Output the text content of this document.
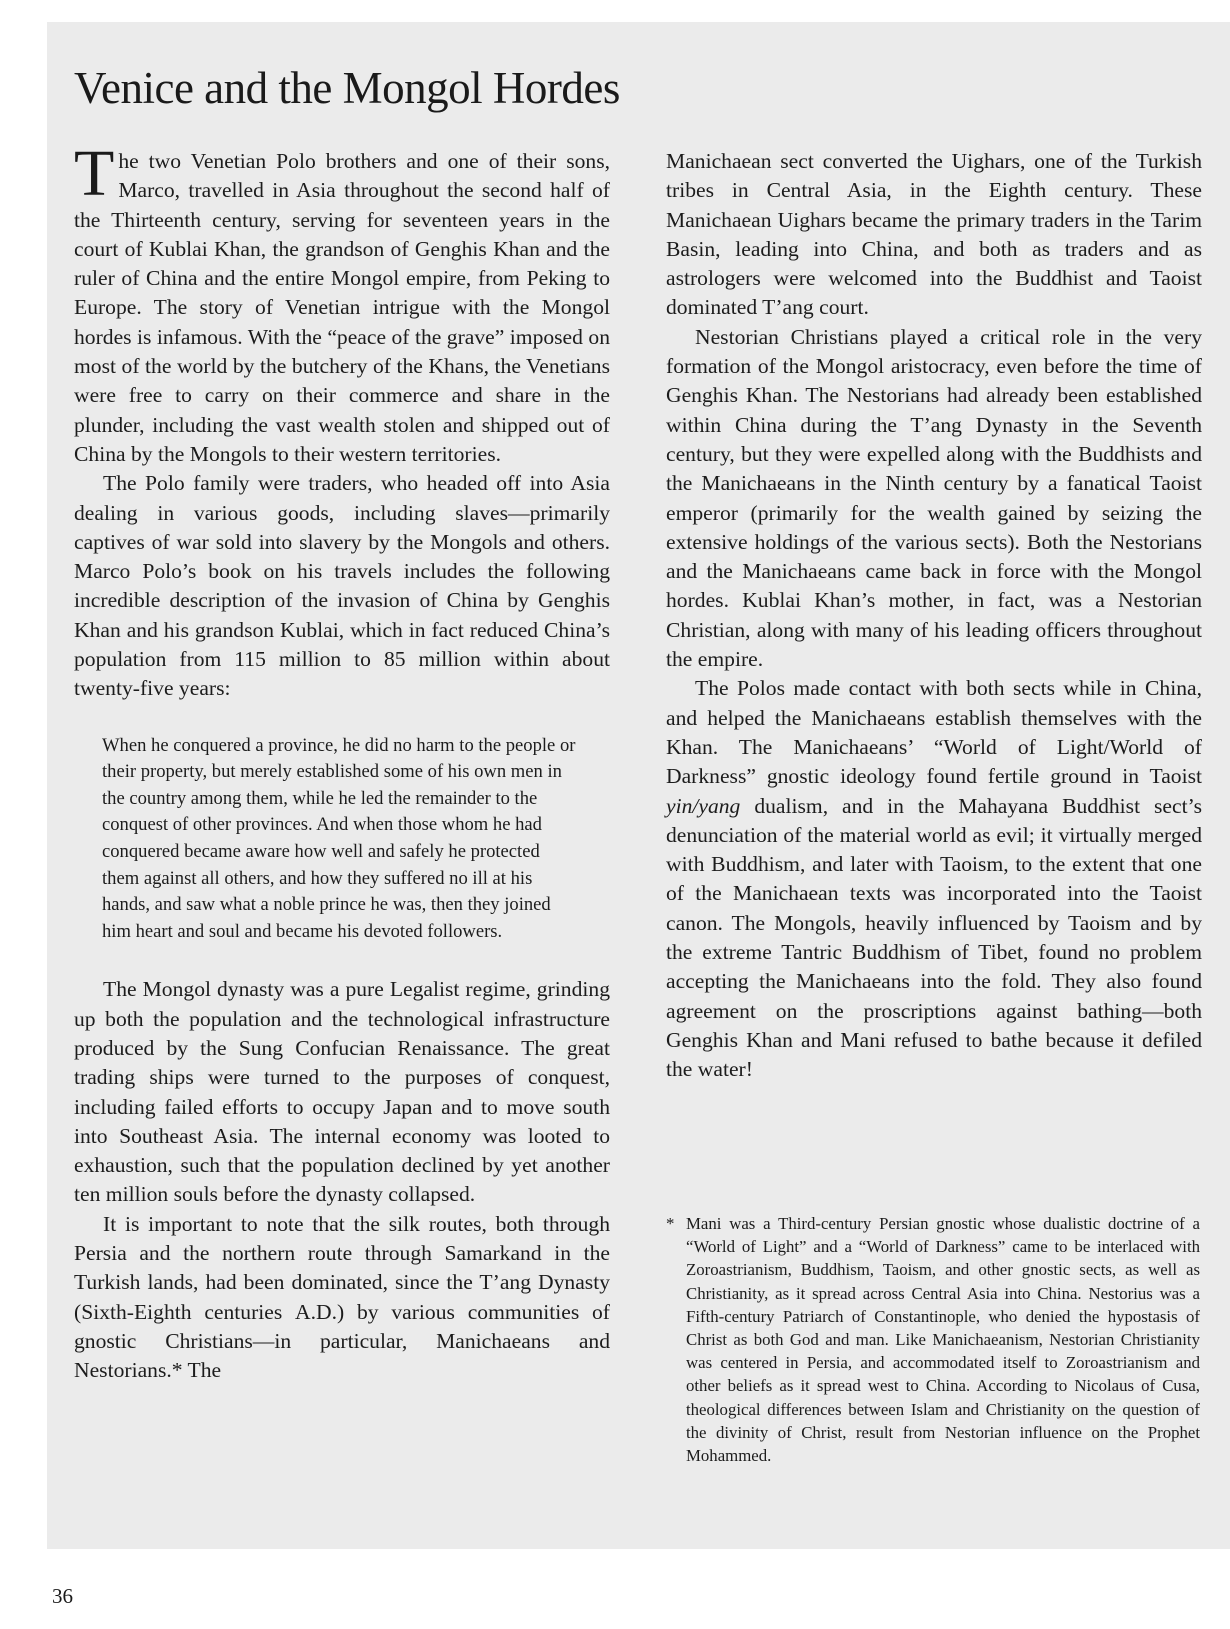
Venice and the Mongol Hordes

The two Venetian Polo brothers and one of their sons, Marco, travelled in Asia throughout the second half of the Thirteenth century, serving for seventeen years in the court of Kublai Khan, the grandson of Genghis Khan and the ruler of China and the entire Mongol empire, from Peking to Europe. The story of Venetian intrigue with the Mongol hordes is infamous. With the “peace of the grave” imposed on most of the world by the butchery of the Khans, the Venetians were free to carry on their commerce and share in the plunder, including the vast wealth stolen and shipped out of China by the Mongols to their western territories.

The Polo family were traders, who headed off into Asia dealing in various goods, including slaves—primarily captives of war sold into slavery by the Mongols and others. Marco Polo’s book on his travels includes the following incredible description of the invasion of China by Genghis Khan and his grandson Kublai, which in fact reduced China’s population from 115 million to 85 million within about twenty-five years:

When he conquered a province, he did no harm to the people or their property, but merely established some of his own men in the country among them, while he led the remainder to the conquest of other provinces. And when those whom he had conquered became aware how well and safely he protected them against all others, and how they suffered no ill at his hands, and saw what a noble prince he was, then they joined him heart and soul and became his devoted followers.

The Mongol dynasty was a pure Legalist regime, grinding up both the population and the technological infrastructure produced by the Sung Confucian Renaissance. The great trading ships were turned to the purposes of conquest, including failed efforts to occupy Japan and to move south into Southeast Asia. The internal economy was looted to exhaustion, such that the population declined by yet another ten million souls before the dynasty collapsed.

It is important to note that the silk routes, both through Persia and the northern route through Samarkand in the Turkish lands, had been dominated, since the T’ang Dynasty (Sixth-Eighth centuries A.D.) by various communities of gnostic Christians—in particular, Manichaeans and Nestorians.* The

Manichaean sect converted the Uighars, one of the Turkish tribes in Central Asia, in the Eighth century. These Manichaean Uighars became the primary traders in the Tarim Basin, leading into China, and both as traders and as astrologers were welcomed into the Buddhist and Taoist dominated T’ang court.

Nestorian Christians played a critical role in the very formation of the Mongol aristocracy, even before the time of Genghis Khan. The Nestorians had already been established within China during the T’ang Dynasty in the Seventh century, but they were expelled along with the Buddhists and the Manichaeans in the Ninth century by a fanatical Taoist emperor (primarily for the wealth gained by seizing the extensive holdings of the various sects). Both the Nestorians and the Manichaeans came back in force with the Mongol hordes. Kublai Khan’s mother, in fact, was a Nestorian Christian, along with many of his leading officers throughout the empire.

The Polos made contact with both sects while in China, and helped the Manichaeans establish themselves with the Khan. The Manichaeans’ “World of Light/World of Darkness” gnostic ideology found fertile ground in Taoist yin/yang dualism, and in the Mahayana Buddhist sect’s denunciation of the material world as evil; it virtually merged with Buddhism, and later with Taoism, to the extent that one of the Manichaean texts was incorporated into the Taoist canon. The Mongols, heavily influenced by Taoism and by the extreme Tantric Buddhism of Tibet, found no problem accepting the Manichaeans into the fold. They also found agreement on the proscriptions against bathing—both Genghis Khan and Mani refused to bathe because it defiled the water!

* Mani was a Third-century Persian gnostic whose dualistic doctrine of a “World of Light” and a “World of Darkness” came to be interlaced with Zoroastrianism, Buddhism, Taoism, and other gnostic sects, as well as Christianity, as it spread across Central Asia into China. Nestorius was a Fifth-century Patriarch of Constantinople, who denied the hypostasis of Christ as both God and man. Like Manichaeanism, Nestorian Christianity was centered in Persia, and accommodated itself to Zoroastrianism and other beliefs as it spread west to China. According to Nicolaus of Cusa, theological differences between Islam and Christianity on the question of the divinity of Christ, result from Nestorian influence on the Prophet Mohammed.
36
